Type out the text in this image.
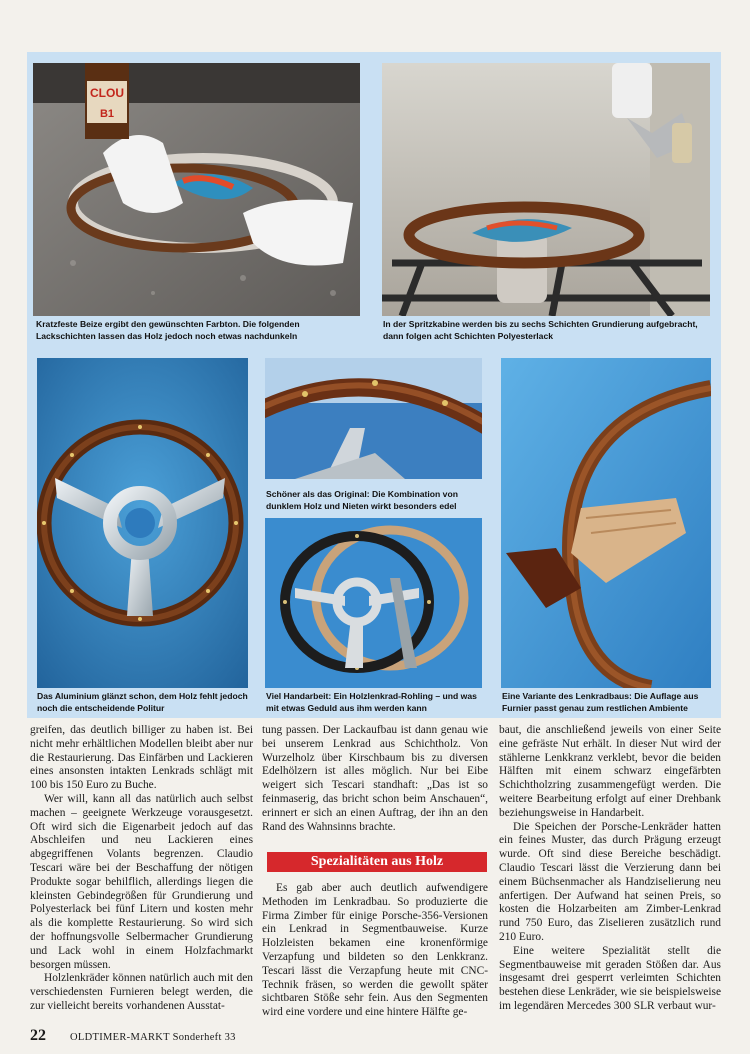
CLOU
B1
Kratzfeste Beize ergibt den gewünschten Farbton. Die folgenden Lackschichten lassen das Holz jedoch noch etwas nachdunkeln
In der Spritzkabine werden bis zu sechs Schichten Grundierung aufgebracht, dann folgen acht Schichten Polyesterlack
Schöner als das Original: Die Kombination von dunklem Holz und Nieten wirkt besonders edel
Das Aluminium glänzt schon, dem Holz fehlt jedoch noch die entscheidende Politur
Viel Handarbeit: Ein Holzlenkrad-Rohling – und was mit etwas Geduld aus ihm werden kann
Eine Variante des Lenkradbaus: Die Auflage aus Furnier passt genau zum restlichen Ambiente

greifen, das deutlich billiger zu haben ist. Bei nicht mehr erhältlichen Modellen bleibt aber nur die Restaurierung. Das Einfärben und Lackieren eines ansonsten intakten Lenkrads schlägt mit 100 bis 150 Euro zu Buche.

Wer will, kann all das natürlich auch selbst machen – geeignete Werkzeuge vorausgesetzt. Oft wird sich die Eigenarbeit jedoch auf das Abschleifen und neu Lackieren eines abgegriffenen Volants begrenzen. Claudio Tescari wäre bei der Beschaffung der nötigen Produkte sogar behilflich, allerdings liegen die kleinsten Gebindegrößen für Grundierung und Polyesterlack bei fünf Litern und kosten mehr als die komplette Restaurierung. So wird sich der hoffnungsvolle Selbermacher Grundierung und Lack wohl in einem Holzfachmarkt besorgen müssen.

Holzlenkräder können natürlich auch mit den verschiedensten Furnieren belegt werden, die zur vielleicht bereits vorhandenen Ausstat-

tung passen. Der Lackaufbau ist dann genau wie bei unserem Lenkrad aus Schichtholz. Von Wurzelholz über Kirschbaum bis zu diversen Edelhölzern ist alles möglich. Nur bei Eibe weigert sich Tescari standhaft: „Das ist so feinmaserig, das bricht schon beim Anschauen“, erinnert er sich an einen Auftrag, der ihn an den Rand des Wahnsinns brachte.

Spezialitäten aus Holz

Es gab aber auch deutlich aufwendigere Methoden im Lenkradbau. So produzierte die Firma Zimber für einige Porsche-356-Versionen ein Lenkrad in Segmentbauweise. Kurze Holzleisten bekamen eine kronenförmige Verzapfung und bildeten so den Lenkkranz. Tescari lässt die Verzapfung heute mit CNC-Technik fräsen, so werden die gewollt später sichtbaren Stöße sehr fein. Aus den Segmenten wird eine vordere und eine hintere Hälfte ge-

baut, die anschließend jeweils von einer Seite eine gefräste Nut erhält. In dieser Nut wird der stählerne Lenkkranz verklebt, bevor die beiden Hälften mit einem schwarz eingefärbten Schichtholzring zusammengefügt werden. Die weitere Bearbeitung erfolgt auf einer Drehbank beziehungsweise in Handarbeit.

Die Speichen der Porsche-Lenkräder hatten ein feines Muster, das durch Prägung erzeugt wurde. Oft sind diese Bereiche beschädigt. Claudio Tescari lässt die Verzierung dann bei einem Büchsenmacher als Handziselierung neu anfertigen. Der Aufwand hat seinen Preis, so kosten die Holzarbeiten am Zimber-Lenkrad rund 750 Euro, das Ziselieren zusätzlich rund 210 Euro.

Eine weitere Spezialität stellt die Segmentbauweise mit geraden Stößen dar. Aus insgesamt drei gesperrt verleimten Schichten bestehen diese Lenkräder, wie sie beispielsweise im legendären Mercedes 300 SLR verbaut wur-

22 OLDTIMER-MARKT Sonderheft 33
